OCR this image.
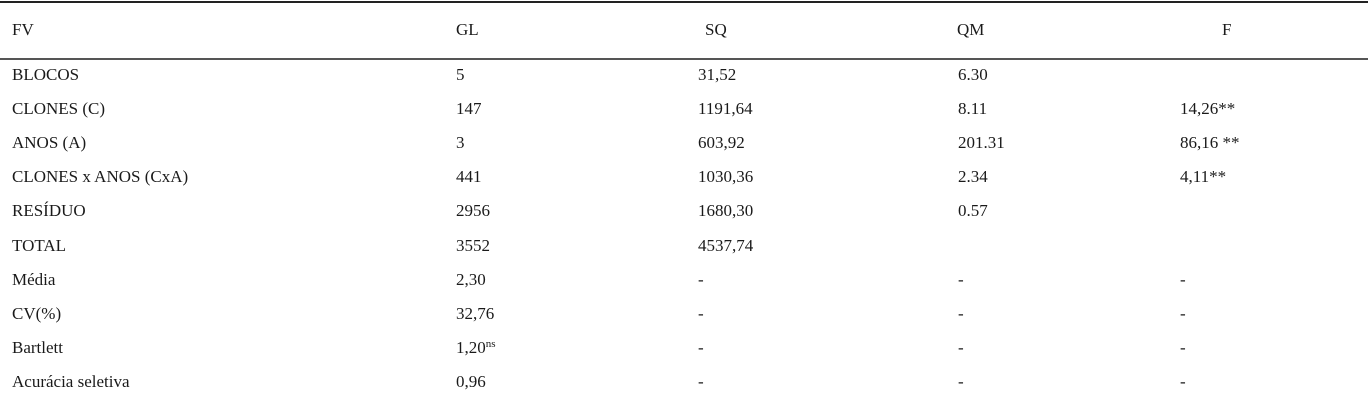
FV	GL	SQ	QM	F
BLOCOS	5	31,52	6.30
CLONES (C)	147	1191,64	8.11	14,26**
ANOS (A)	3	603,92	201.31	86,16 **
CLONES x ANOS (CxA)	441	1030,36	2.34	4,11**
RESÍDUO	2956	1680,30	0.57
TOTAL	3552	4537,74
Média	2,30	-	-	-
CV(%)	32,76	-	-	-
Bartlett	$1,20^{ns}$	-	-	-
Acurácia seletiva	0,96	-	-	-
